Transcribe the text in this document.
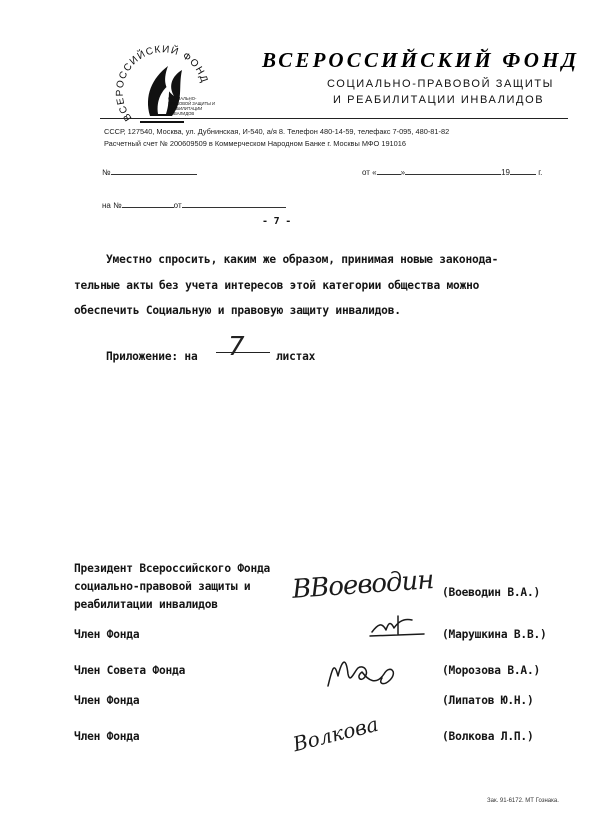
ВСЕРОССИЙСКИЙ ФОНД
СОЦИАЛЬНО-ПРАВОВОЙ ЗАЩИТЫ И РЕАБИЛИТАЦИИ ИНВАЛИДОВ
ВСЕРОССИЙСКИЙ ФОНД
СОЦИАЛЬНО-ПРАВОВОЙ ЗАЩИТЫ
И РЕАБИЛИТАЦИИ ИНВАЛИДОВ
СССР, 127540, Москва, ул. Дубнинская, И-540, а/я 8. Телефон 480-14-59, телефакс 7-095, 480-81-82
Расчетный счет № 200609509 в Коммерческом Народном Банке г. Москвы МФО 191016
№	от «	»	19	г.
на №	от
- 7 -
Уместно спросить, каким же образом, принимая новые законода-
тельные акты без учета интересов этой категории общества можно
обеспечить Социальную и правовую защиту инвалидов.
Приложение: на 7	листах
Президент Всероссийского Фонда
социально-правовой защиты и
реабилитации инвалидов
(Воеводин В.А.)
ВВоеводин
Член Фонда	(Марушкина В.В.)
Член Совета Фонда	(Морозова В.А.)
Член Фонда	(Липатов Ю.Н.)
Член Фонда	(Волкова Л.П.)
Волкова
Зак. 91-6172. МТ Гознака.
